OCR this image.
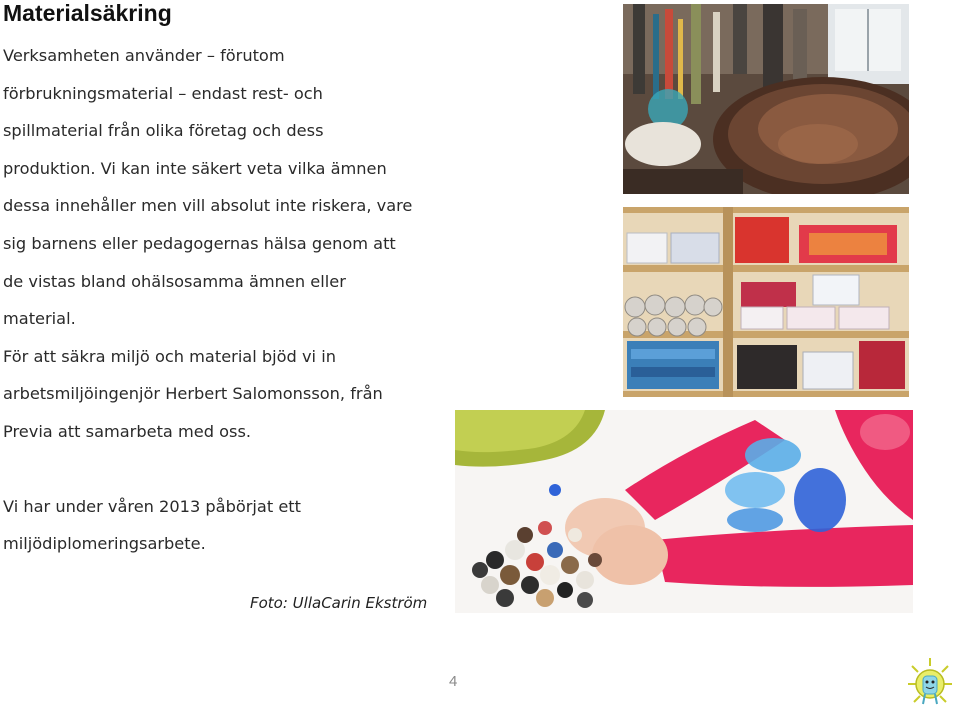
Materialsäkring
Verksamheten använder – förutom
förbrukningsmaterial – endast rest- och
spillmaterial från olika företag och dess
produktion. Vi kan inte säkert veta vilka ämnen
dessa innehåller men vill absolut inte riskera, vare
sig barnens eller pedagogernas hälsa genom att
de vistas bland ohälsosamma ämnen eller
material.
För att säkra miljö och material bjöd vi in
arbetsmiljöingenjör Herbert Salomonsson, från
Previa att samarbeta med oss.
Vi har under våren 2013 påbörjat ett
miljödiplomeringsarbete.
Foto: UllaCarin Ekström
4
